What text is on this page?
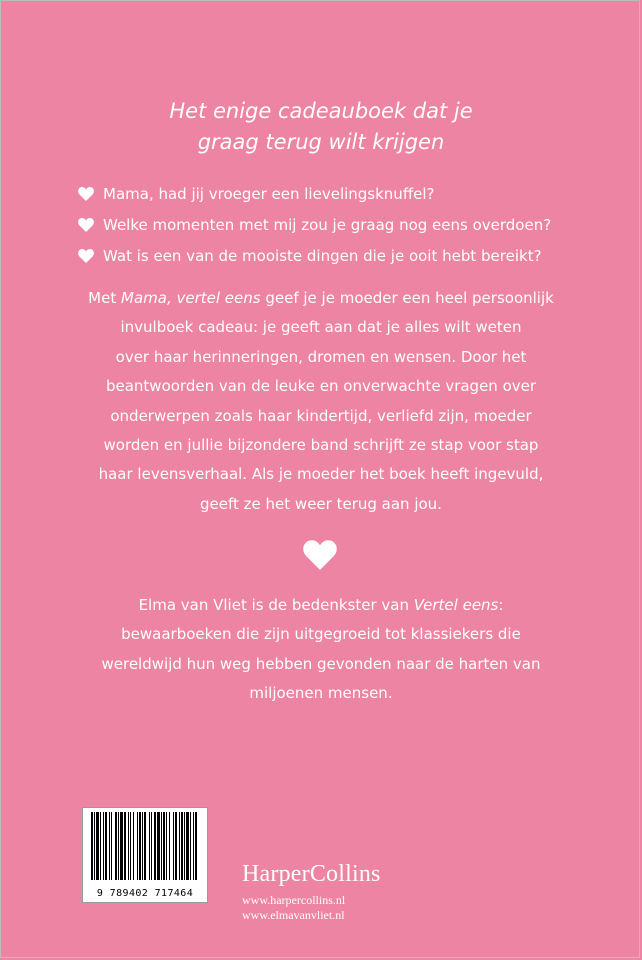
Het enige cadeauboek dat je
graag terug wilt krijgen
Mama, had jij vroeger een lievelingsknuffel?
Welke momenten met mij zou je graag nog eens overdoen?
Wat is een van de mooiste dingen die je ooit hebt bereikt?
Met Mama, vertel eens geef je je moeder een heel persoonlijk
invulboek cadeau: je geeft aan dat je alles wilt weten
over haar herinneringen, dromen en wensen. Door het
beantwoorden van de leuke en onverwachte vragen over
onderwerpen zoals haar kindertijd, verliefd zijn, moeder
worden en jullie bijzondere band schrijft ze stap voor stap
haar levensverhaal. Als je moeder het boek heeft ingevuld,
geeft ze het weer terug aan jou.
Elma van Vliet is de bedenkster van Vertel eens:
bewaarboeken die zijn uitgegroeid tot klassiekers die
wereldwijd hun weg hebben gevonden naar de harten van
miljoenen mensen.
9 789402 717464
HarperCollins
www.harpercollins.nl
www.elmavanvliet.nl
